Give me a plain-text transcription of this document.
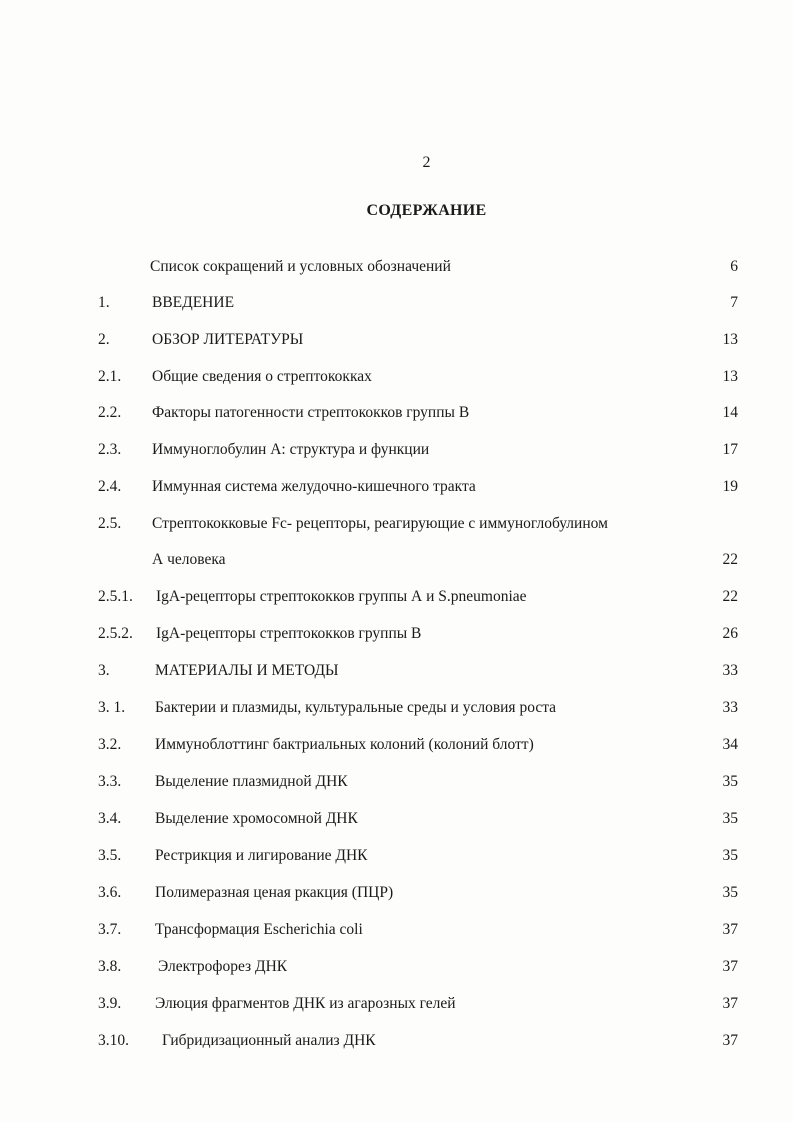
2
СОДЕРЖАНИЕ
Список сокращений и условных обозначений	6
1.	ВВЕДЕНИЕ	7
2.	ОБЗОР ЛИТЕРАТУРЫ	13
2.1. Общие сведения о стрептококках	13
2.2. Факторы патогенности стрептококков группы В	14
2.3. Иммуноглобулин А: структура и функции	17
2.4. Иммунная система желудочно-кишечного тракта	19
2.5. Стрептококковые Fc- рецепторы, реагирующие с иммуноглобулином
А человека	22
2.5.1. IgA-рецепторы стрептококков группы А и S.pneumoniae	22
2.5.2. IgA-рецепторы стрептококков группы В	26
3.	МАТЕРИАЛЫ И МЕТОДЫ	33
3. 1. Бактерии и плазмиды, культуральные среды и условия роста	33
3.2. Иммуноблоттинг бактриальных колоний (колоний блотт)	34
3.3. Выделение плазмидной ДНК	35
3.4. Выделение хромосомной ДНК	35
3.5. Рестрикция и лигирование ДНК	35
3.6. Полимеразная ценая ркакция (ПЦР)	35
3.7. Трансформация Escherichia coli	37
3.8. Электрофорез ДНК	37
3.9. Элюция фрагментов ДНК из агарозных гелей	37
3.10. Гибридизационный анализ ДНК	37
